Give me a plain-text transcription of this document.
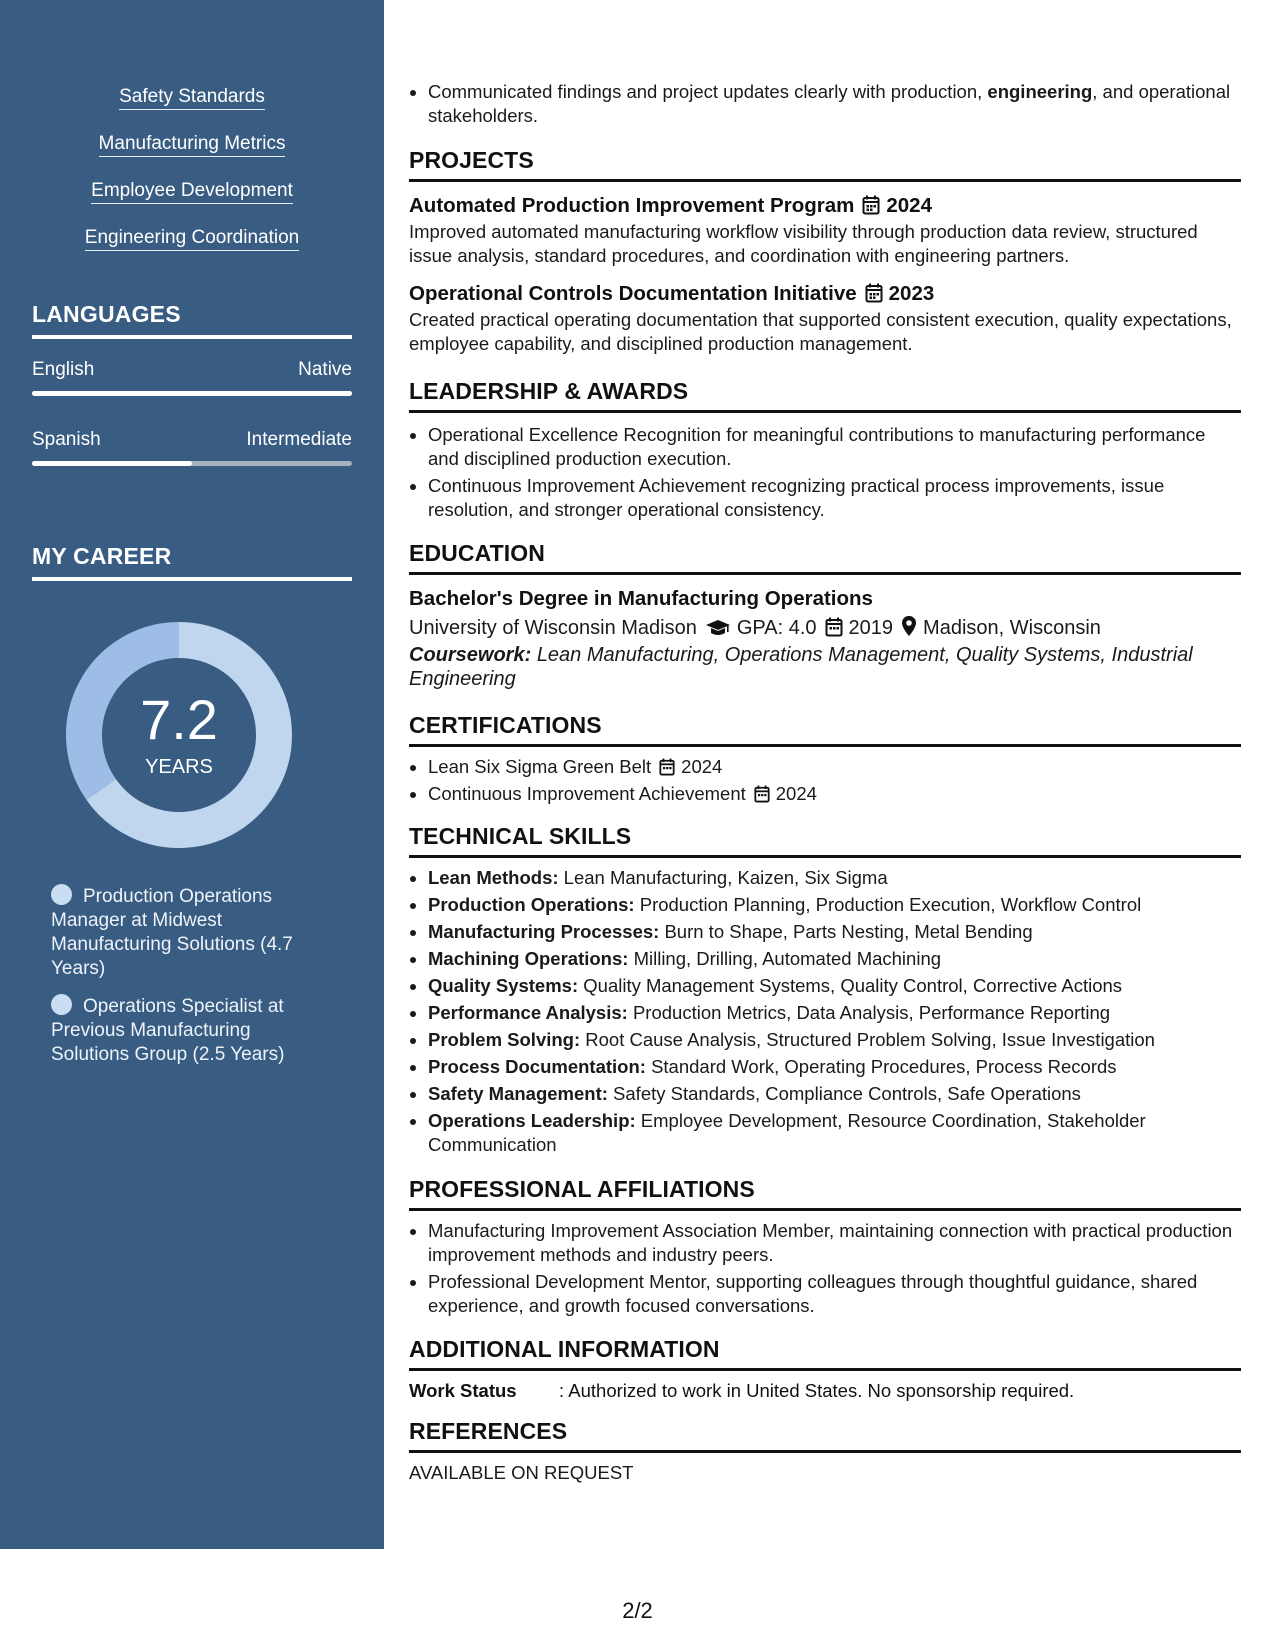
Safety Standards
Manufacturing Metrics
Employee Development
Engineering Coordination
LANGUAGES
English	Native
Spanish	Intermediate
MY CAREER
7.2
YEARS
Production Operations Manager at Midwest Manufacturing Solutions (4.7 Years)
Operations Specialist at Previous Manufacturing Solutions Group (2.5 Years)
• Communicated findings and project updates clearly with production, engineering, and operational stakeholders.
PROJECTS
Automated Production Improvement Program 2024
Improved automated manufacturing workflow visibility through production data review, structured issue analysis, standard procedures, and coordination with engineering partners.
Operational Controls Documentation Initiative 2023
Created practical operating documentation that supported consistent execution, quality expectations, employee capability, and disciplined production management.
LEADERSHIP & AWARDS
• Operational Excellence Recognition for meaningful contributions to manufacturing performance and disciplined production execution.
• Continuous Improvement Achievement recognizing practical process improvements, issue resolution, and stronger operational consistency.
EDUCATION
Bachelor's Degree in Manufacturing Operations
University of Wisconsin Madison GPA: 4.0 2019 Madison, Wisconsin
Coursework: Lean Manufacturing, Operations Management, Quality Systems, Industrial Engineering
CERTIFICATIONS
• Lean Six Sigma Green Belt 2024
• Continuous Improvement Achievement 2024
TECHNICAL SKILLS
• Lean Methods: Lean Manufacturing, Kaizen, Six Sigma
• Production Operations: Production Planning, Production Execution, Workflow Control
• Manufacturing Processes: Burn to Shape, Parts Nesting, Metal Bending
• Machining Operations: Milling, Drilling, Automated Machining
• Quality Systems: Quality Management Systems, Quality Control, Corrective Actions
• Performance Analysis: Production Metrics, Data Analysis, Performance Reporting
• Problem Solving: Root Cause Analysis, Structured Problem Solving, Issue Investigation
• Process Documentation: Standard Work, Operating Procedures, Process Records
• Safety Management: Safety Standards, Compliance Controls, Safe Operations
• Operations Leadership: Employee Development, Resource Coordination, Stakeholder Communication
PROFESSIONAL AFFILIATIONS
• Manufacturing Improvement Association Member, maintaining connection with practical production improvement methods and industry peers.
• Professional Development Mentor, supporting colleagues through thoughtful guidance, shared experience, and growth focused conversations.
ADDITIONAL INFORMATION
Work Status : Authorized to work in United States. No sponsorship required.
REFERENCES
AVAILABLE ON REQUEST
2/2
